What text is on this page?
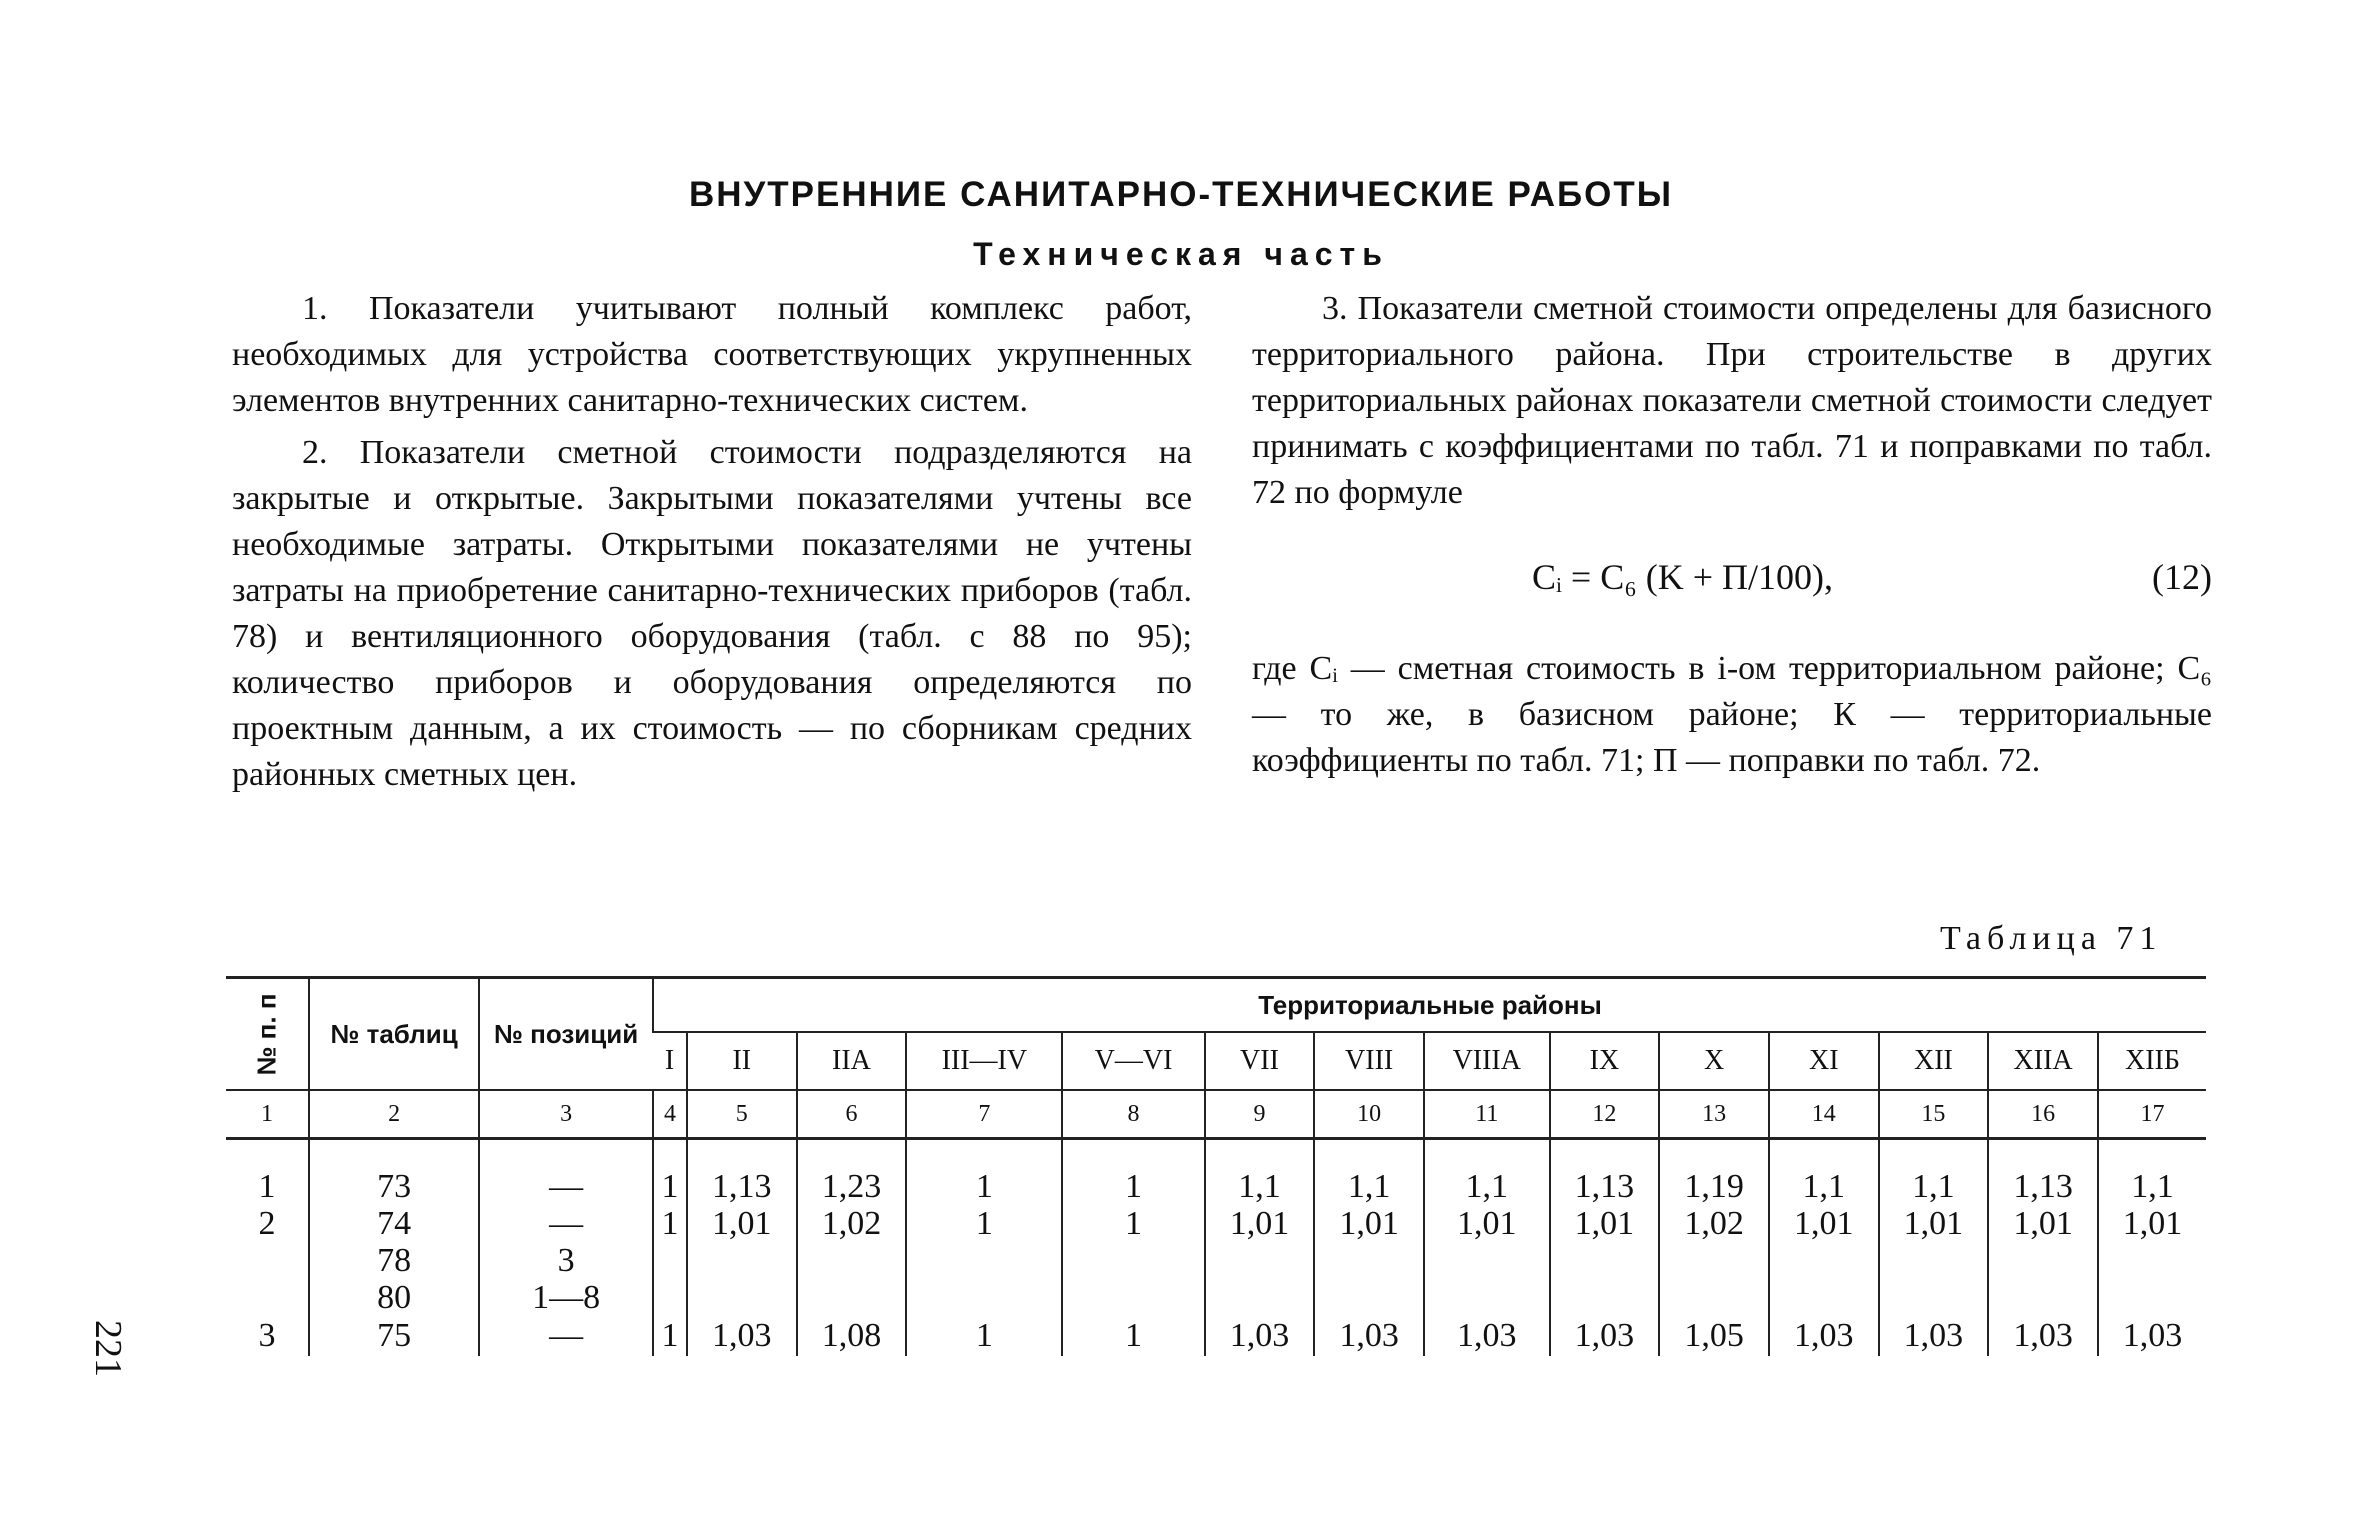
ВНУТРЕННИЕ САНИТАРНО-ТЕХНИЧЕСКИЕ РАБОТЫ
Техническая часть

1. Показатели учитывают полный комплекс работ, необходимых для устройства соответствующих укрупненных элементов внутренних санитарно-технических систем.

2. Показатели сметной стоимости подразделяются на закрытые и открытые. Закрытыми показателями учтены все необходимые затраты. Открытыми показателями не учтены затраты на приобретение санитарно-технических приборов (табл. 78) и вентиляционного оборудования (табл. с 88 по 95); количество приборов и оборудования определяются по проектным данным, а их стоимость — по сборникам средних районных сметных цен.

3. Показатели сметной стоимости определены для базисного территориального района. При строительстве в других территориальных районах показатели сметной стоимости следует принимать с коэффициентами по табл. 71 и поправками по табл. 72 по формуле

Cᵢ = C₆ (K + П/100),	(12)

где Cᵢ — сметная стоимость в i-ом территориальном районе; C₆ — то же, в базисном районе; К — территориальные коэффициенты по табл. 71; П — поправки по табл. 72.

Таблица 71
221
№ п. п	№ таблиц	№ позиций	Территориальные районы													
			I	II	IIA	III—IV	V—VI	VII	VIII	VIIIA	IX	X	XI	XII	XIIA	XIIБ
1	2	3	4	5	6	7	8	9	10	11	12	13	14	15	16	17
1	73	—	1	1,13	1,23	1	1	1,1	1,1	1,1	1,13	1,19	1,1	1,1	1,13	1,1
2	74	—	1	1,01	1,02	1	1	1,01	1,01	1,01	1,01	1,02	1,01	1,01	1,01	1,01
	78	3														
	80	1—8														
3	75	—	1	1,03	1,08	1	1	1,03	1,03	1,03	1,03	1,05	1,03	1,03	1,03	1,03
